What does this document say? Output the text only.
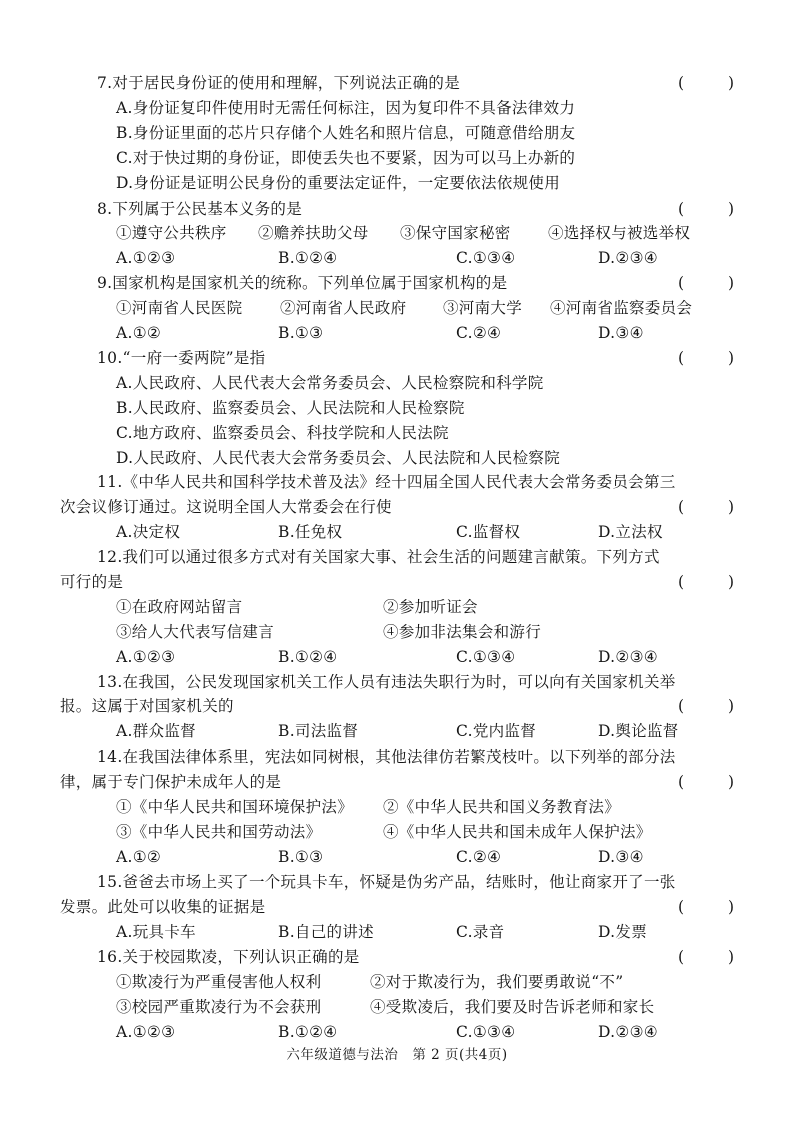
7.对于居民身份证的使用和理解，下列说法正确的是	(	)
A.身份证复印件使用时无需任何标注，因为复印件不具备法律效力
B.身份证里面的芯片只存储个人姓名和照片信息，可随意借给朋友
C.对于快过期的身份证，即使丢失也不要紧，因为可以马上办新的
D.身份证是证明公民身份的重要法定证件，一定要依法依规使用
8.下列属于公民基本义务的是	(	)
①遵守公共秩序 ②赡养扶助父母 ③保守国家秘密 ④选择权与被选举权
A.①②③	B.①②④	C.①③④	D.②③④
9.国家机构是国家机关的统称。下列单位属于国家机构的是	(	)
①河南省人民医院 ②河南省人民政府 ③河南大学 ④河南省监察委员会
A.①②	B.①③	C.②④	D.③④
10.“一府一委两院”是指	(	)
A.人民政府、人民代表大会常务委员会、人民检察院和科学院
B.人民政府、监察委员会、人民法院和人民检察院
C.地方政府、监察委员会、科技学院和人民法院
D.人民政府、人民代表大会常务委员会、人民法院和人民检察院
11.《中华人民共和国科学技术普及法》经十四届全国人民代表大会常务委员会第三
次会议修订通过。这说明全国人大常委会在行使	(	)
A.决定权	B.任免权	C.监督权	D.立法权
12.我们可以通过很多方式对有关国家大事、社会生活的问题建言献策。下列方式
可行的是	(	)
①在政府网站留言	②参加听证会
③给人大代表写信建言	④参加非法集会和游行
A.①②③	B.①②④	C.①③④	D.②③④
13.在我国，公民发现国家机关工作人员有违法失职行为时，可以向有关国家机关举
报。这属于对国家机关的	(	)
A.群众监督	B.司法监督	C.党内监督	D.舆论监督
14.在我国法律体系里，宪法如同树根，其他法律仿若繁茂枝叶。以下列举的部分法
律，属于专门保护未成年人的是	(	)
①《中华人民共和国环境保护法》 ②《中华人民共和国义务教育法》
③《中华人民共和国劳动法》	④《中华人民共和国未成年人保护法》
A.①②	B.①③	C.②④	D.③④
15.爸爸去市场上买了一个玩具卡车，怀疑是伪劣产品，结账时，他让商家开了一张
发票。此处可以收集的证据是	(	)
A.玩具卡车	B.自己的讲述	C.录音	D.发票
16.关于校园欺凌，下列认识正确的是	(	)
①欺凌行为严重侵害他人权利	②对于欺凌行为，我们要勇敢说“不”
③校园严重欺凌行为不会获刑	④受欺凌后，我们要及时告诉老师和家长
A.①②③	B.①②④	C.①③④	D.②③④
六年级道德与法治　第 2 页(共4页)
